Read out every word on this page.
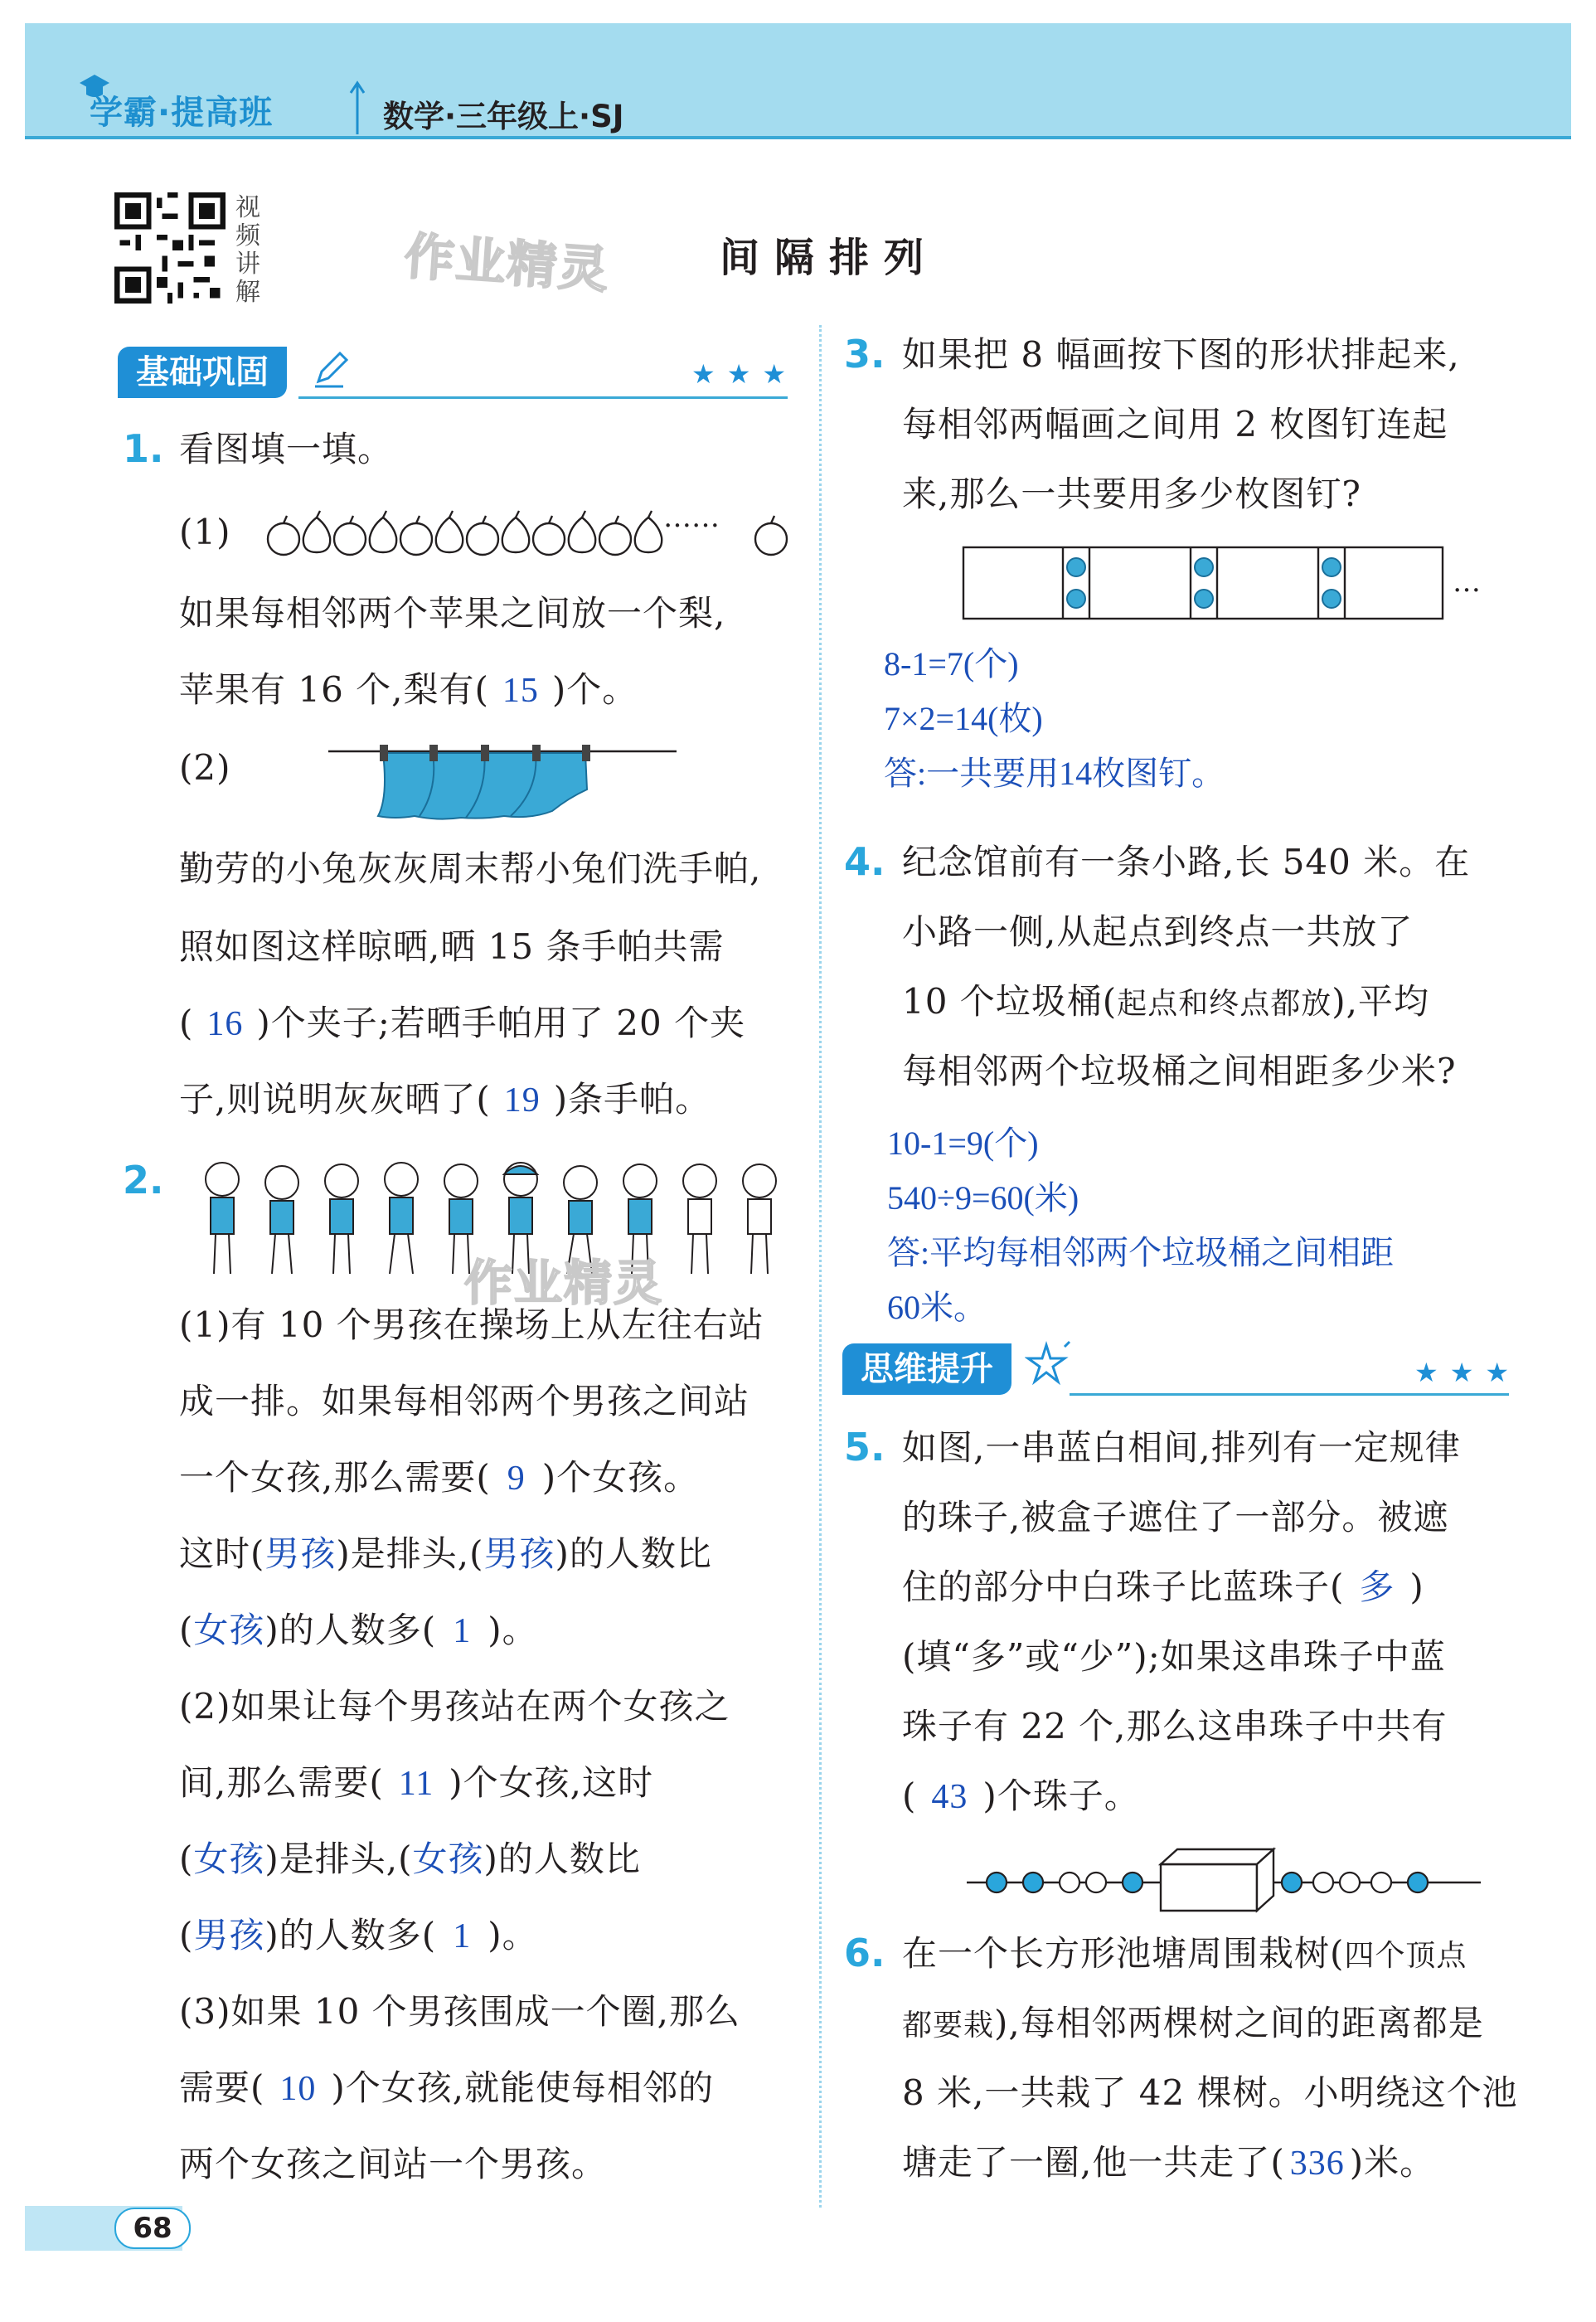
学霸·提高班	数学·三年级上·SJ
视频讲解	作业精灵	间隔排列
基础巩固	★★★
1. 看图填一填。
(1)	……
如果每相邻两个苹果之间放一个梨,
苹果有 16 个,梨有( 15 )个。
(2)
勤劳的小兔灰灰周末帮小兔们洗手帕,
照如图这样晾晒,晒 15 条手帕共需
( 16 )个夹子;若晒手帕用了 20 个夹
子,则说明灰灰晒了( 19 )条手帕。
2.
作业精灵
(1)有 10 个男孩在操场上从左往右站
成一排。如果每相邻两个男孩之间站
一个女孩,那么需要( 9 )个女孩。
这时(男孩)是排头,(男孩)的人数比
(女孩)的人数多( 1 )。
(2)如果让每个男孩站在两个女孩之
间,那么需要( 11 )个女孩,这时
(女孩)是排头,(女孩)的人数比
(男孩)的人数多( 1 )。
(3)如果 10 个男孩围成一个圈,那么
需要( 10 )个女孩,就能使每相邻的
两个女孩之间站一个男孩。
3. 如果把 8 幅画按下图的形状排起来,
每相邻两幅画之间用 2 枚图钉连起
来,那么一共要用多少枚图钉?
…
8-1=7(个)
7×2=14(枚)
答:一共要用14枚图钉。
4. 纪念馆前有一条小路,长 540 米。在
小路一侧,从起点到终点一共放了
10 个垃圾桶(起点和终点都放),平均
每相邻两个垃圾桶之间相距多少米?
10-1=9(个)
540÷9=60(米)
答:平均每相邻两个垃圾桶之间相距
60米。
思维提升	★★★
5. 如图,一串蓝白相间,排列有一定规律
的珠子,被盒子遮住了一部分。被遮
住的部分中白珠子比蓝珠子( 多 )
(填“多”或“少”);如果这串珠子中蓝
珠子有 22 个,那么这串珠子中共有
( 43 )个珠子。
6. 在一个长方形池塘周围栽树(四个顶点
都要栽),每相邻两棵树之间的距离都是
8 米,一共栽了 42 棵树。小明绕这个池
塘走了一圈,他一共走了( 336 )米。
68
